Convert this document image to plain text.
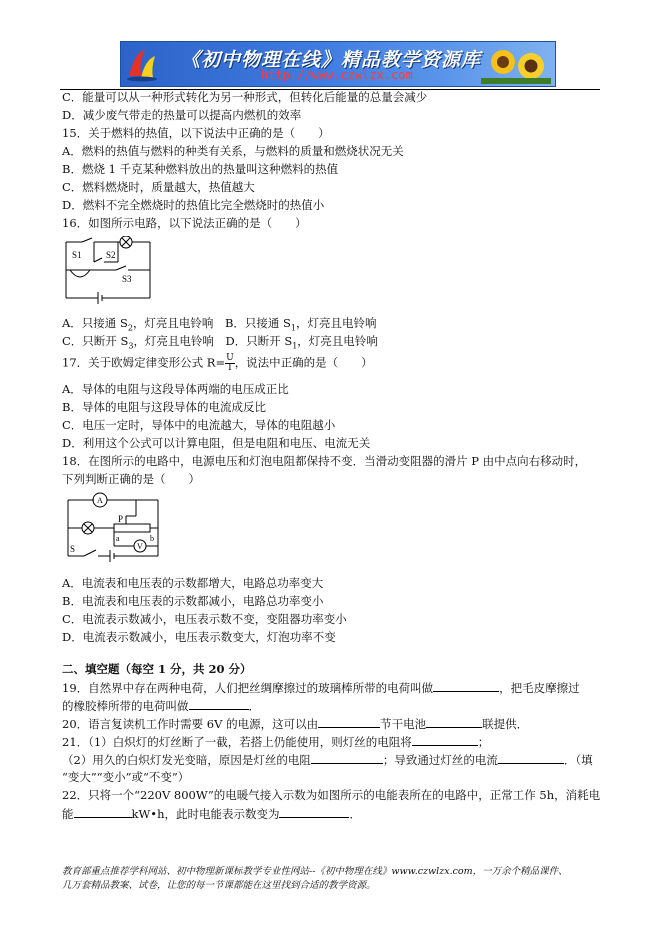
《初中物理在线》精品教学资源库
http://www.czwlzx.com
C．能量可以从一种形式转化为另一种形式，但转化后能量的总量会减少
D．减少废气带走的热量可以提高内燃机的效率
15．关于燃料的热值，以下说法中正确的是（　　）
A．燃料的热值与燃料的种类有关系，与燃料的质量和燃烧状况无关
B．燃烧 1 千克某种燃料放出的热量叫这种燃料的热值
C．燃料燃烧时，质量越大，热值越大
D．燃料不完全燃烧时的热值比完全燃烧时的热值小
16．如图所示电路，以下说法正确的是（　　）
S1	S2
S3
A．只接通 $S_2$，灯亮且电铃响　 B．只接通 $S_1$，灯亮且电铃响
C．只断开 $S_3$，灯亮且电铃响　 D．只断开 $S_1$，灯亮且电铃响
17．关于欧姆定律变形公式 $R= \frac{U}{I}$ ，说法中正确的是（　　）
A．导体的电阻与这段导体两端的电压成正比
B．导体的电阻与这段导体的电流成反比
C．电压一定时，导体中的电流越大，导体的电阻越小
D．利用这个公式可以计算电阻，但是电阻和电压、电流无关
18．在图所示的电路中，电源电压和灯泡电阻都保持不变．当滑动变阻器的滑片 P 由中点向右移动时，
下列判断正确的是（　　）
A
V
P
a	b
S
A．电流表和电压表的示数都增大，电路总功率变大
B．电流表和电压表的示数都减小，电路总功率变小
C．电流表示数减小，电压表示数不变，变阻器功率变小
D．电流表示数减小，电压表示数变大，灯泡功率不变
二、填空题（每空 1 分，共 20 分）
19．自然界中存在两种电荷，人们把丝绸摩擦过的玻璃棒所带的电荷叫做	，把毛皮摩擦过
的橡胶棒所带的电荷叫做	．
20．语言复读机工作时需要 6V 的电源，这可以由	节干电池	联提供．
21．（1）白炽灯的灯丝断了一截，若搭上仍能使用，则灯丝的电阻将	；
（2）用久的白炽灯发光变暗，原因是灯丝的电阻	；导致通过灯丝的电流	．（填
“变大”“变小”或“不变”）
22．只将一个“220V 800W”的电暖气接入示数为如图所示的电能表所在的电路中，正常工作 5h，消耗电
能	kW•h，此时电能表示数变为	．
教育部重点推荐学科网站、初中物理新课标教学专业性网站--《初中物理在线》www.czwlzx.com，一万余个精品课件、
几万套精品教案、试卷，让您的每一节课都能在这里找到合适的教学资源。
